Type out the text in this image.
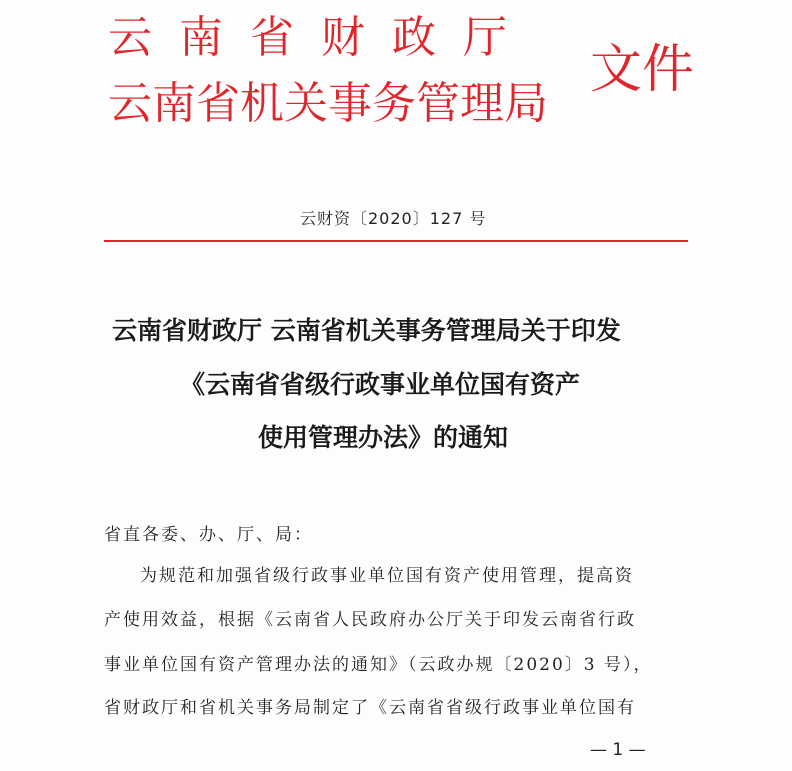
云南省财政厅
云南省机关事务管理局
文件
云财资〔2020〕127 号
云南省财政厅 云南省机关事务管理局关于印发
《云南省省级行政事业单位国有资产
使用管理办法》的通知
省直各委、办、厅、局：
为规范和加强省级行政事业单位国有资产使用管理，提高资
产使用效益，根据《云南省人民政府办公厅关于印发云南省行政
事业单位国有资产管理办法的通知》（云政办规〔2020〕3 号），
省财政厅和省机关事务局制定了《云南省省级行政事业单位国有
— 1 —
